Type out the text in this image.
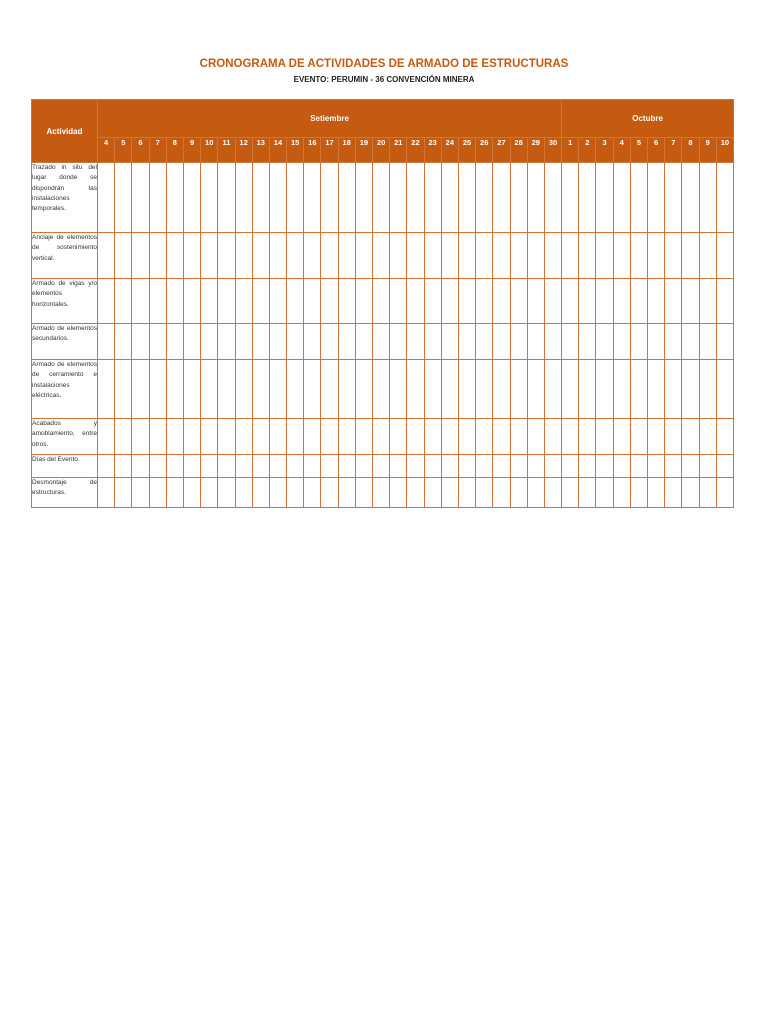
CRONOGRAMA DE ACTIVIDADES DE ARMADO DE ESTRUCTURAS
EVENTO: PERUMIN - 36 CONVENCIÓN MINERA
Actividad	Setiembre																											Octubre									
	4	5	6	7	8	9	10	11	12	13	14	15	16	17	18	19	20	21	22	23	24	25	26	27	28	29	30	1	2	3	4	5	6	7	8	9	10
Trazado in situ del lugar donde se dispondrán las instalaciones temporales.																																					
Anclaje de elementos de sostenimiento vertical.																																					
Armado de vigas y/o elementos horizontales.																																					
Armado de elementos secundarios.																																					
Armado de elementos de cerramiento e instalaciones eléctricas.																																					
Acabados y amoblamiento, entre otros.																																					
Días del Evento.																																					
Desmontaje de estructuras.																																					
